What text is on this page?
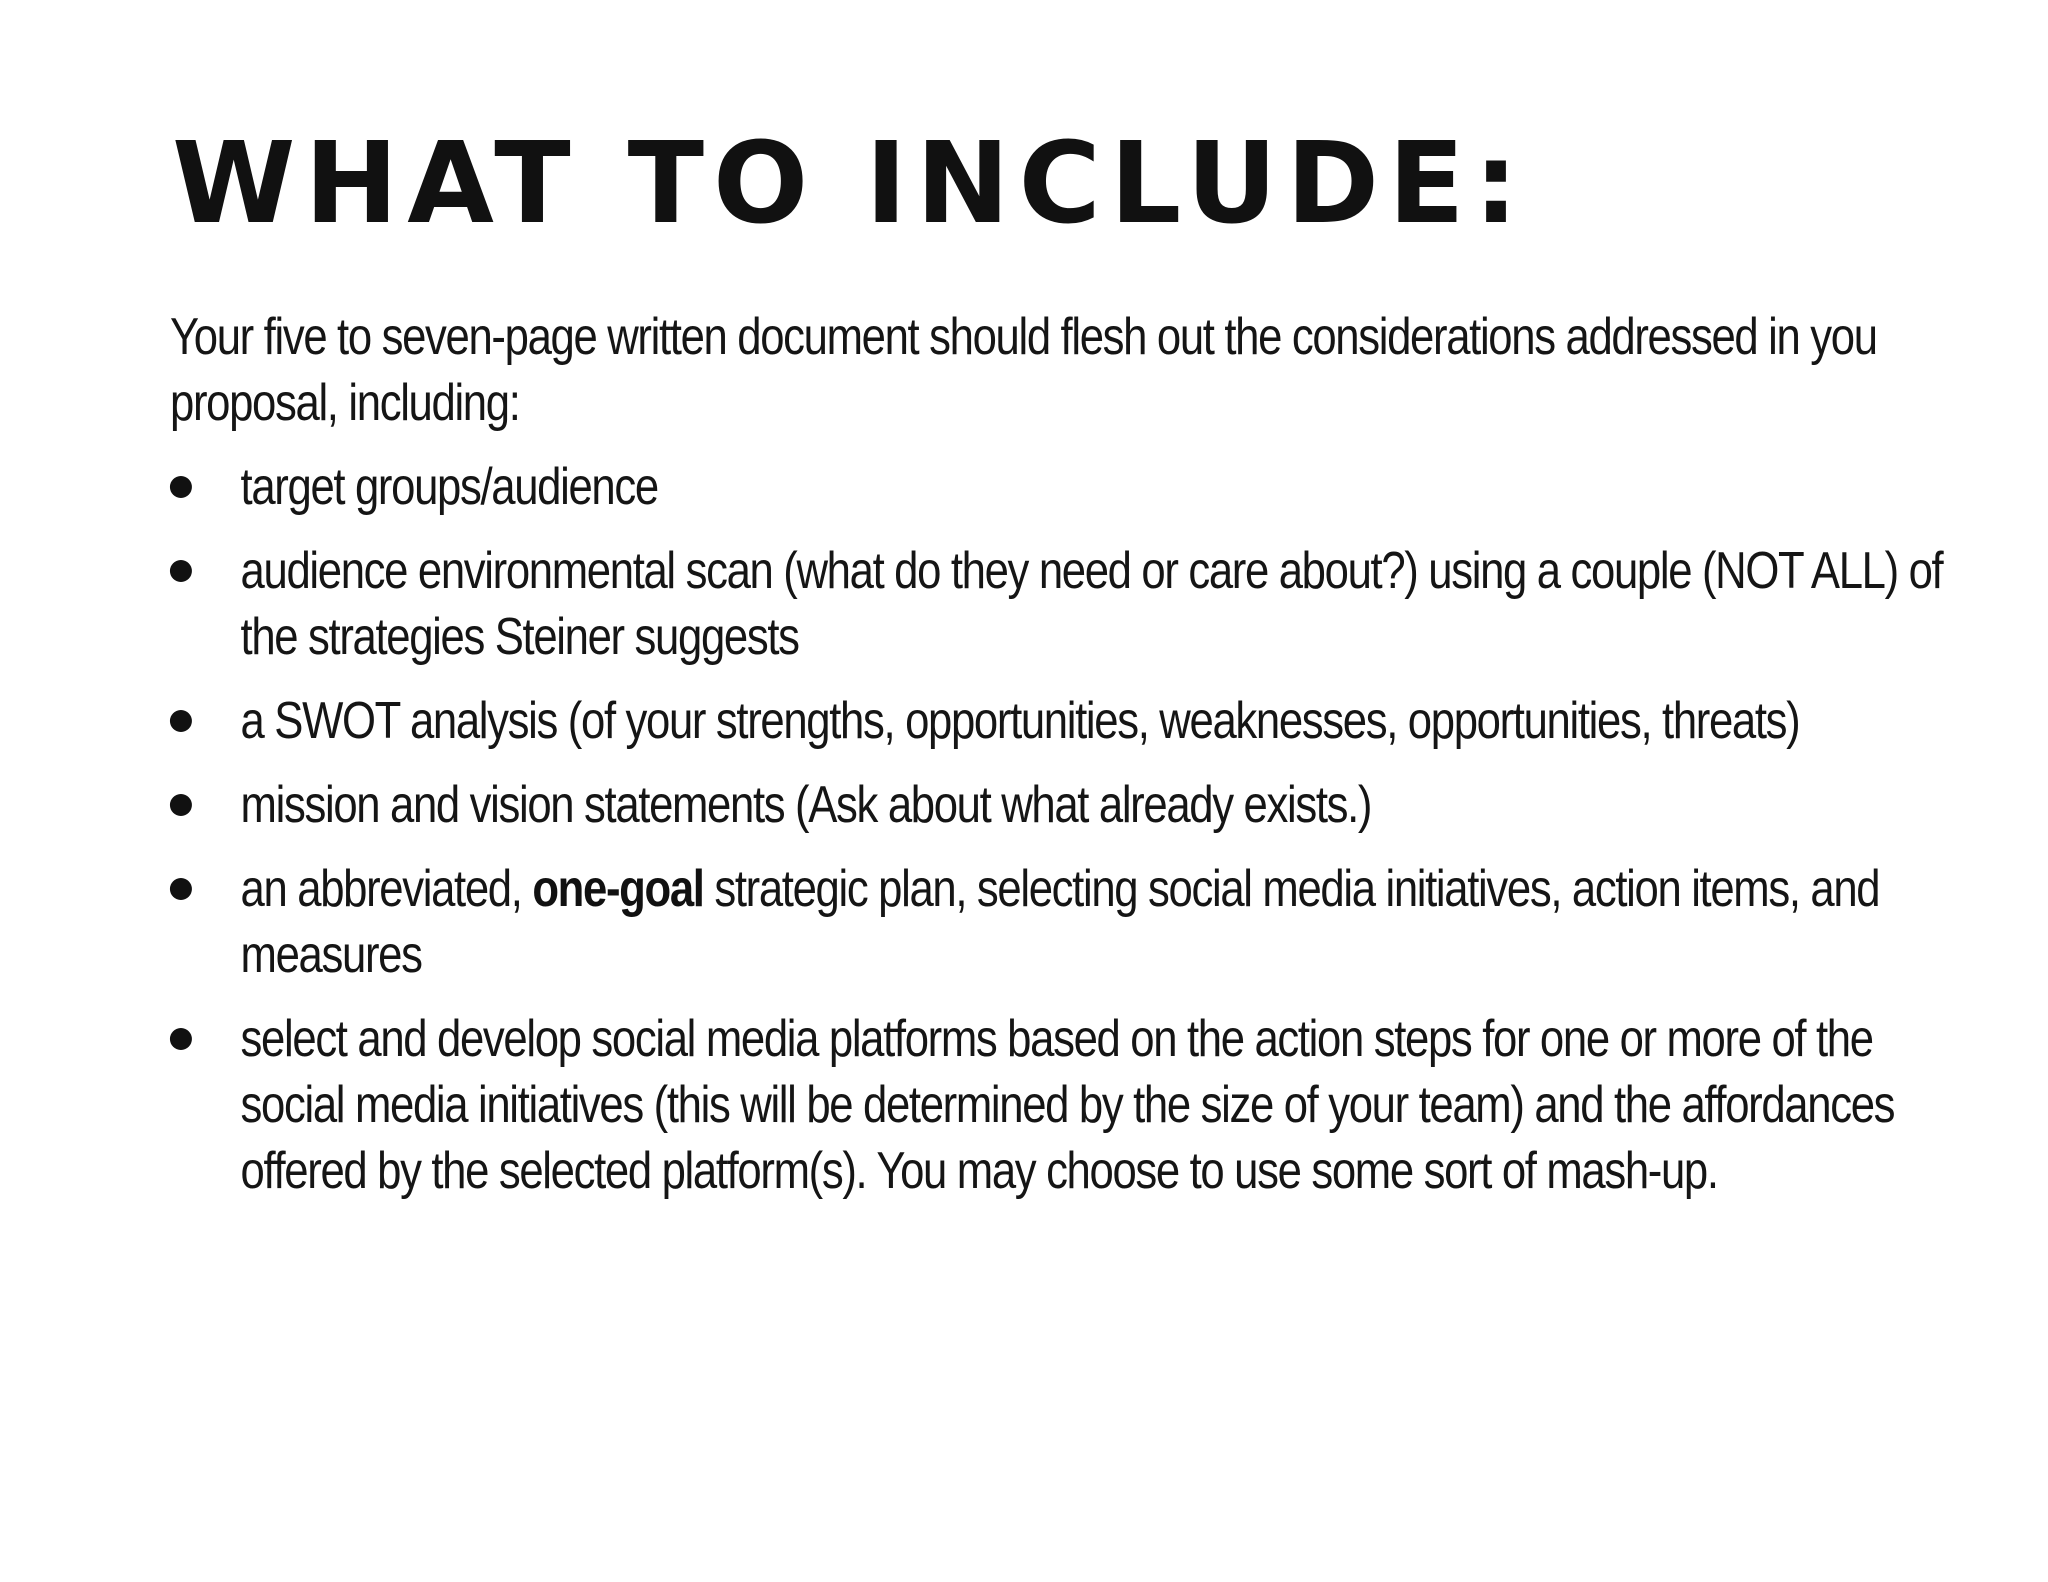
WHAT TO INCLUDE:

Your five to seven-page written document should flesh out the considerations addressed in you proposal, including:

target groups/audience
audience environmental scan (what do they need or care about?) using a couple (NOT ALL) of the strategies Steiner suggests
a SWOT analysis (of your strengths, opportunities, weaknesses, opportunities, threats)
mission and vision statements (Ask about what already exists.)
an abbreviated, one-goal strategic plan, selecting social media initiatives, action items, and measures
select and develop social media platforms based on the action steps for one or more of the social media initiatives (this will be determined by the size of your team) and the affordances offered by the selected platform(s). You may choose to use some sort of mash-up.
